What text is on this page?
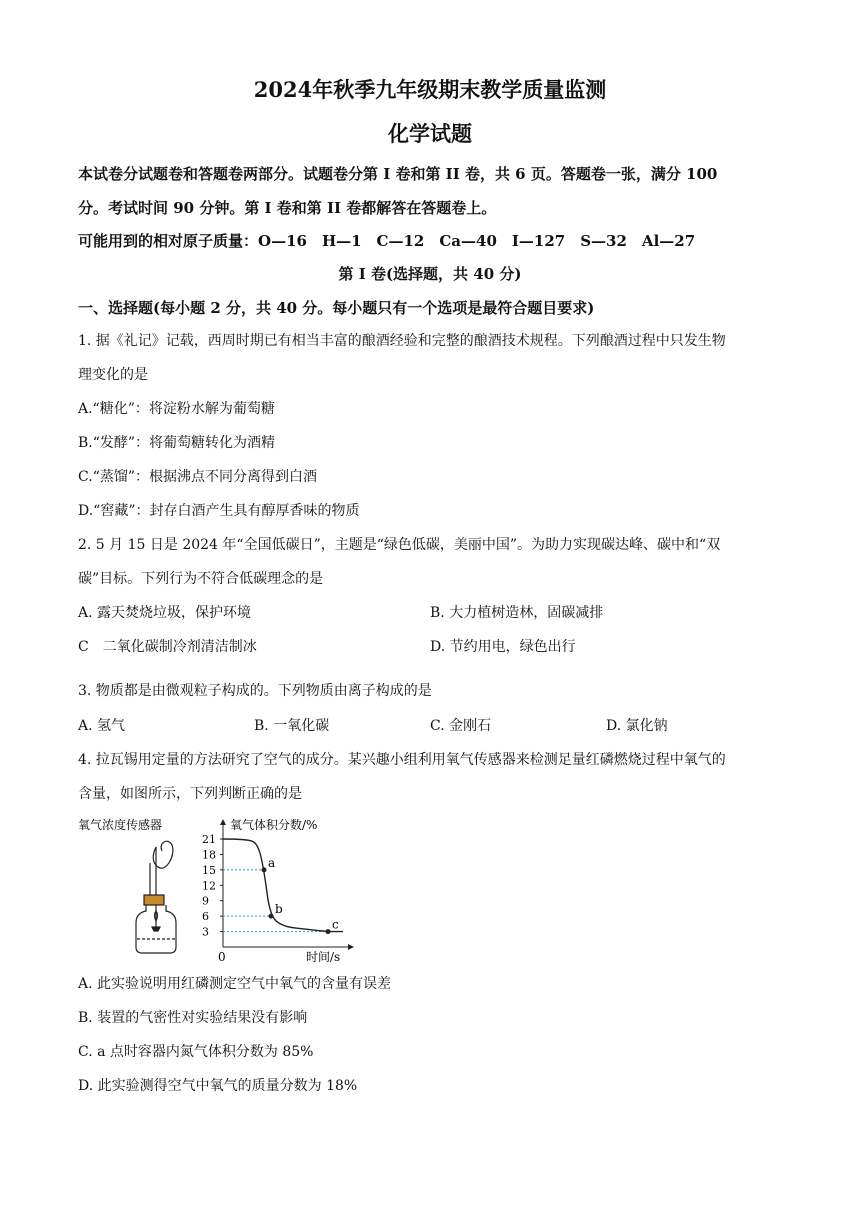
2024年秋季九年级期末教学质量监测
化学试题
本试卷分试题卷和答题卷两部分。试题卷分第 I 卷和第 II 卷，共 6 页。答题卷一张，满分 100
分。考试时间 90 分钟。第 I 卷和第 II 卷都解答在答题卷上。
可能用到的相对原子质量：O—16　H—1　C—12　Ca—40　I—127　S—32　Al—27
第 I 卷(选择题，共 40 分)
一、选择题(每小题 2 分，共 40 分。每小题只有一个选项是最符合题目要求)
1. 据《礼记》记载，西周时期已有相当丰富的酿酒经验和完整的酿酒技术规程。下列酿酒过程中只发生物
理变化的是
A.“糖化”：将淀粉水解为葡萄糖
B.“发酵”：将葡萄糖转化为酒精
C.“蒸馏”：根据沸点不同分离得到白酒
D.“窖藏”：封存白酒产生具有醇厚香味的物质
2. 5 月 15 日是 2024 年“全国低碳日”，主题是“绿色低碳，美丽中国”。为助力实现碳达峰、碳中和“双
碳”目标。下列行为不符合低碳理念的是
A. 露天焚烧垃圾，保护环境	B. 大力植树造林，固碳减排
C　二氧化碳制冷剂清洁制冰	D. 节约用电，绿色出行
3. 物质都是由微观粒子构成的。下列物质由离子构成的是
A. 氢气	B. 一氧化碳	C. 金刚石	D. 氯化钠
4. 拉瓦锡用定量的方法研究了空气的成分。某兴趣小组利用氧气传感器来检测足量红磷燃烧过程中氧气的
含量，如图所示，下列判断正确的是
氧气浓度传感器	氧气体积分数/%
时间/s
0
21
18
15
12
9
6
3
a
b
c
A. 此实验说明用红磷测定空气中氧气的含量有误差
B. 装置的气密性对实验结果没有影响
C. a 点时容器内氮气体积分数为 85%
D. 此实验测得空气中氧气的质量分数为 18%
